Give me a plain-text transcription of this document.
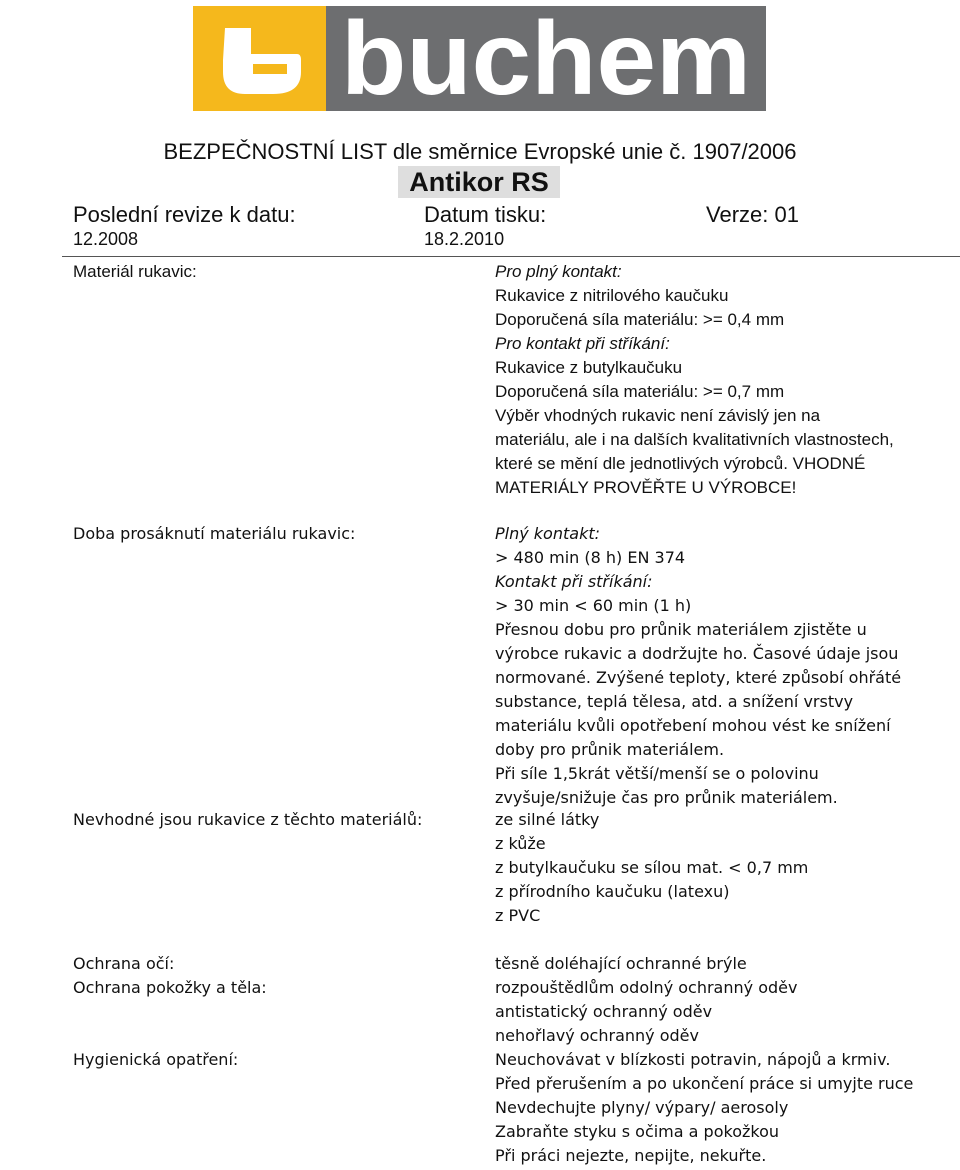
buchem
BEZPEČNOSTNÍ LIST dle směrnice Evropské unie č. 1907/2006
Antikor RS
Poslední revize k datu:
12.2008
Datum tisku:
18.2.2010
Verze: 01
Materiál rukavic:	Pro plný kontakt:
Rukavice z nitrilového kaučuku
Doporučená síla materiálu: >= 0,4 mm
Pro kontakt při stříkání:
Rukavice z butylkaučuku
Doporučená síla materiálu: >= 0,7 mm
Výběr vhodných rukavic není závislý jen na
materiálu, ale i na dalších kvalitativních vlastnostech,
které se mění dle jednotlivých výrobců. VHODNÉ
MATERIÁLY PROVĚŘTE U VÝROBCE!
Doba prosáknutí materiálu rukavic:	Plný kontakt:
> 480 min (8 h) EN 374
Kontakt při stříkání:
> 30 min < 60 min (1 h)
Přesnou dobu pro průnik materiálem zjistěte u
výrobce rukavic a dodržujte ho. Časové údaje jsou
normované. Zvýšené teploty, které způsobí ohřáté
substance, teplá tělesa, atd. a snížení vrstvy
materiálu kvůli opotřebení mohou vést ke snížení
doby pro průnik materiálem.
Při síle 1,5krát větší/menší se o polovinu
zvyšuje/snižuje čas pro průnik materiálem.
Nevhodné jsou rukavice z těchto materiálů:	ze silné látky
z kůže
z butylkaučuku se sílou mat. < 0,7 mm
z přírodního kaučuku (latexu)
z PVC
Ochrana očí:	těsně doléhající ochranné brýle
Ochrana pokožky a těla:	rozpouštědlům odolný ochranný oděv
antistatický ochranný oděv
nehořlavý ochranný oděv
Hygienická opatření:	Neuchovávat v blízkosti potravin, nápojů a krmiv.
Před přerušením a po ukončení práce si umyjte ruce
Nevdechujte plyny/ výpary/ aerosoly
Zabraňte styku s očima a pokožkou
Při práci nejezte, nepijte, nekuřte.
